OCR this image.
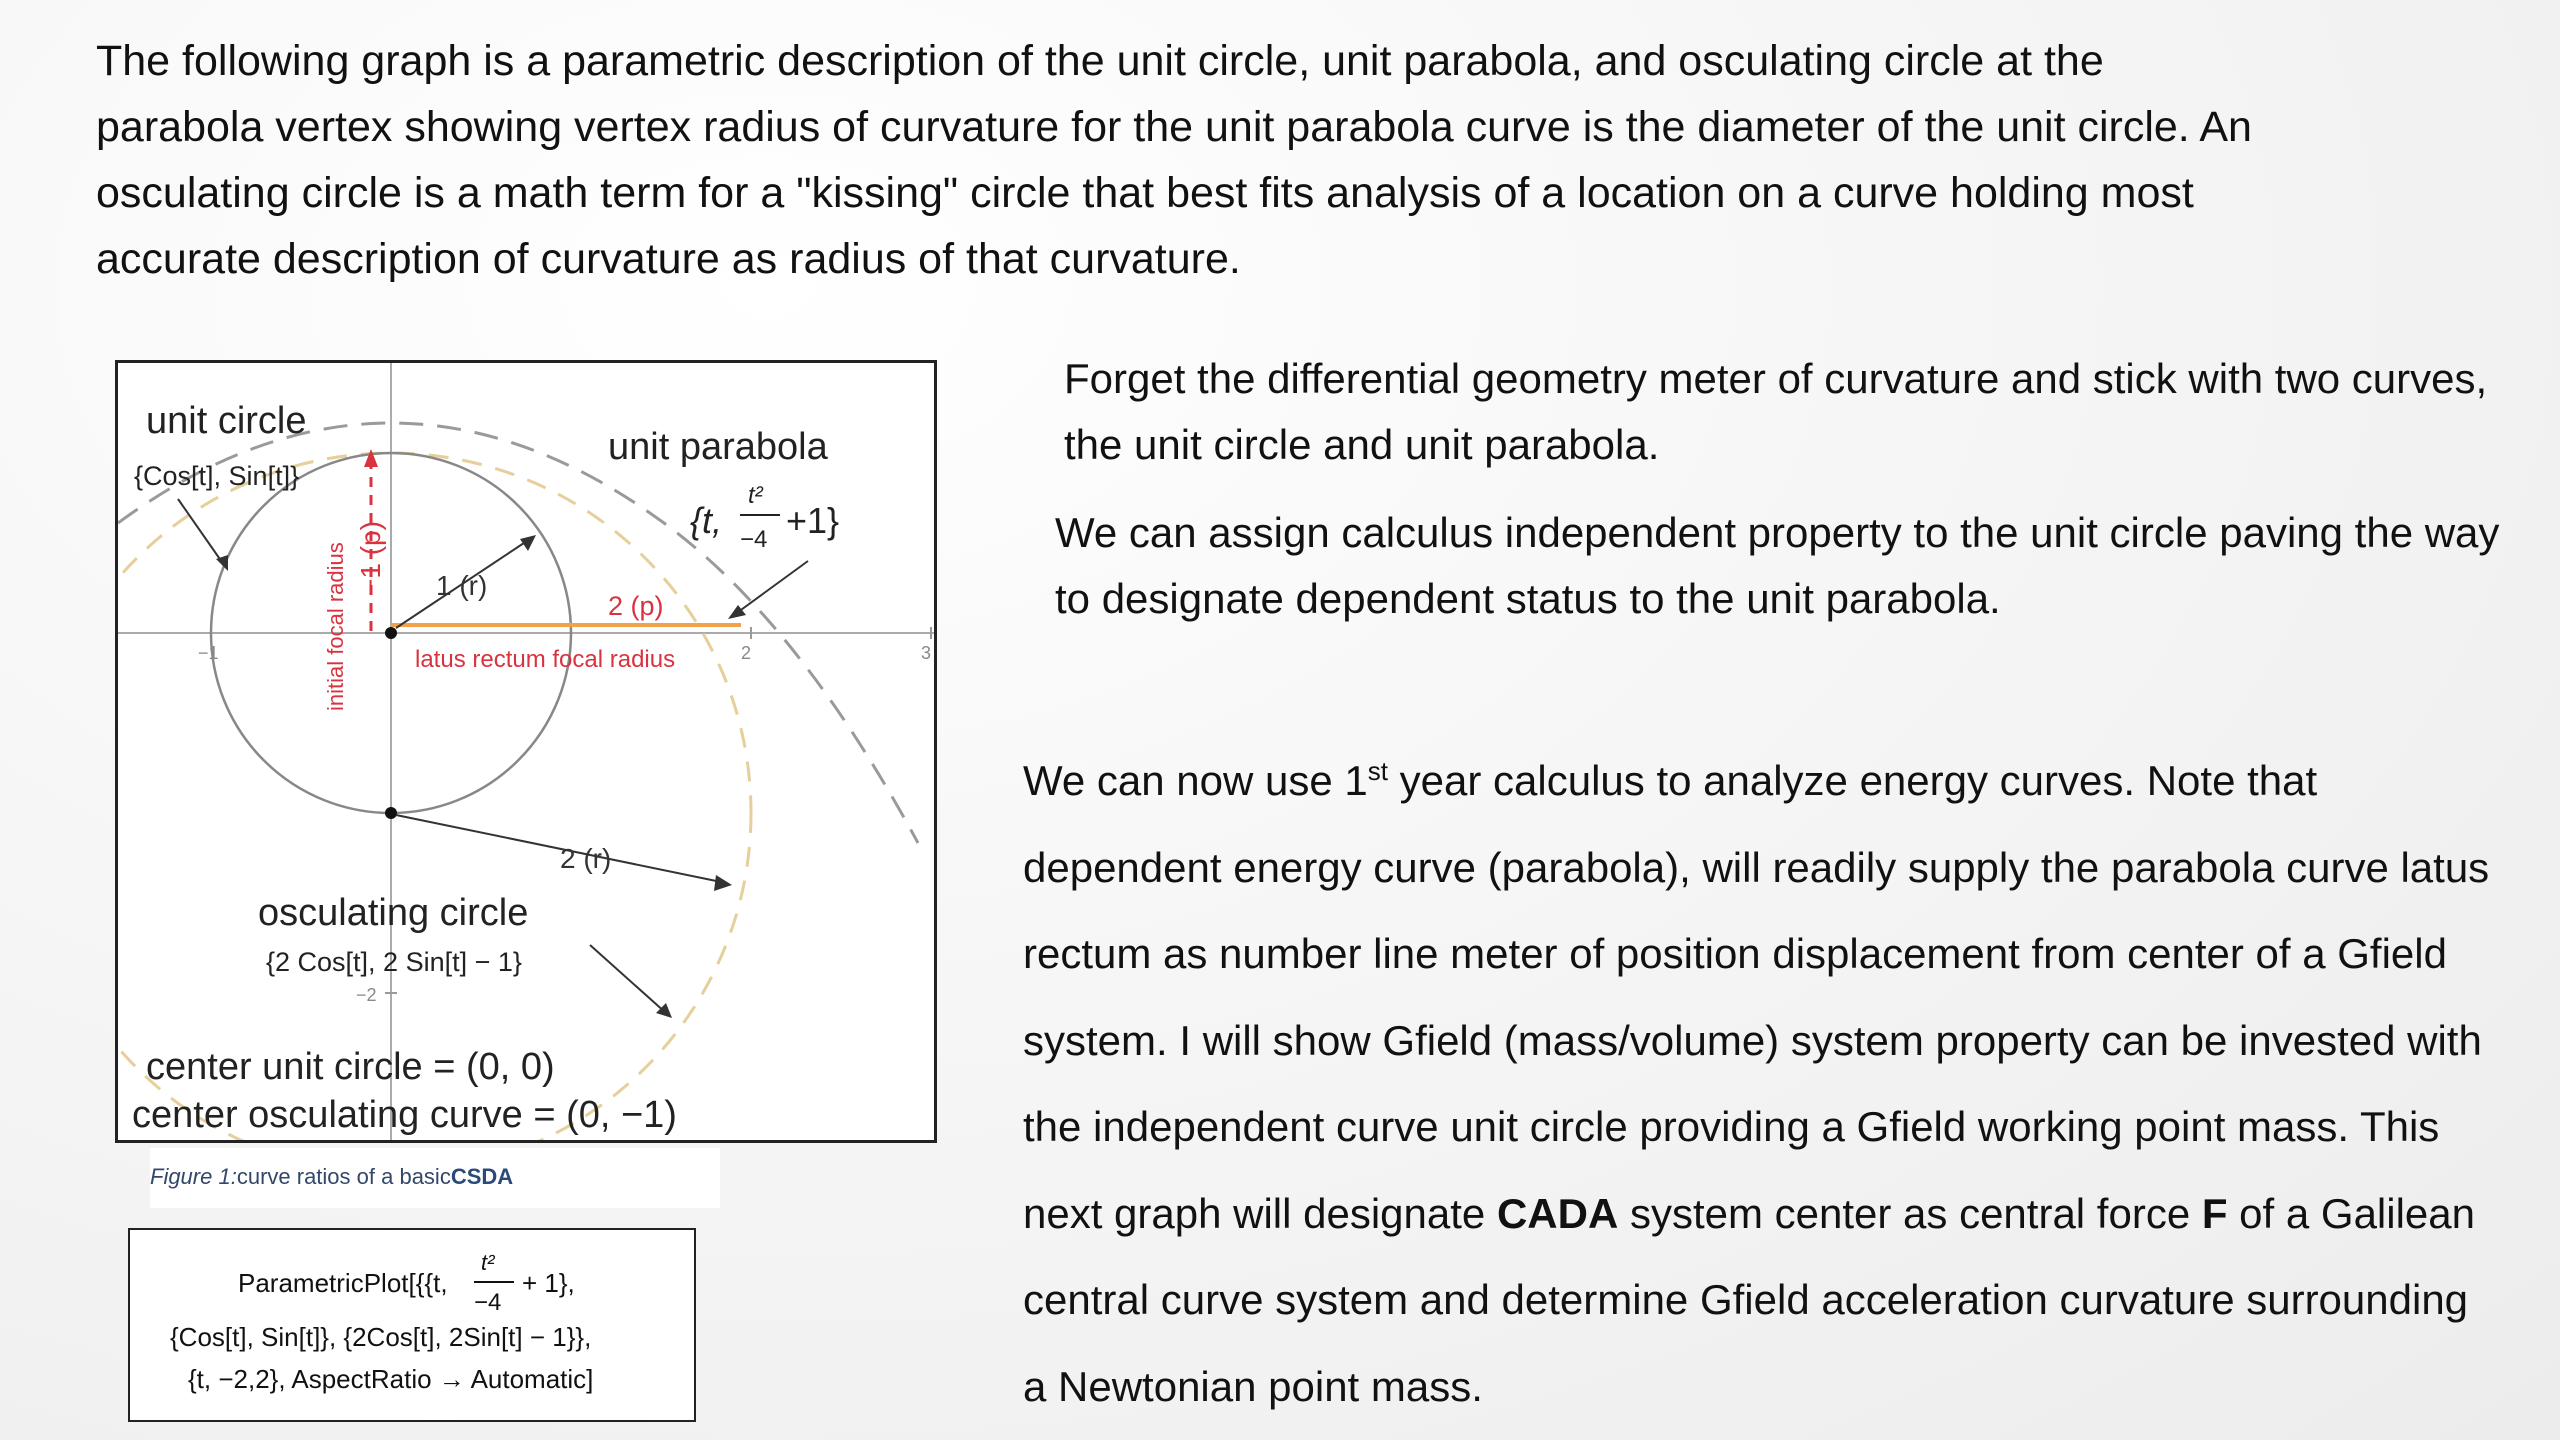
The following graph is a parametric description of the unit circle, unit parabola, and osculating circle at the

parabola vertex showing vertex radius of curvature for the unit parabola curve is the diameter of the unit circle. An

osculating circle is a math term for a "kissing" circle that best fits analysis of a location on a curve holding most

accurate description of curvature as radius of that curvature.

−1	2	3
−2
unit circle
{Cos[t], Sin[t]}
unit parabola
{t,
t²
−4 +1}
initial focal radius −1 (p) 1 (r)
2 (p)
latus rectum focal radius
2 (r)
osculating circle
{2 Cos[t], 2 Sin[t] − 1}
center unit circle = (0, 0)
center osculating curve = (0, −1)
Figure 1:curve ratios of a basicCSDA
ParametricPlot[{{t,
t²
−4
+ 1},
{Cos[t], Sin[t]}, {2Cos[t], 2Sin[t] − 1}},
{t, −2,2}, AspectRatio → Automatic]

Forget the differential geometry meter of curvature and stick with two curves, the unit circle and unit parabola.

We can assign calculus independent property to the unit circle paving the way to designate dependent status to the unit parabola.

We can now use 1st year calculus to analyze energy curves. Note that dependent energy curve (parabola), will readily supply the parabola curve latus rectum as number line meter of position displacement from center of a Gfield system. I will show Gfield (mass/volume) system property can be invested with the independent curve unit circle providing a Gfield working point mass. This next graph will designate CADA system center as central force F of a Galilean central curve system and determine Gfield acceleration curvature surrounding a Newtonian point mass.
